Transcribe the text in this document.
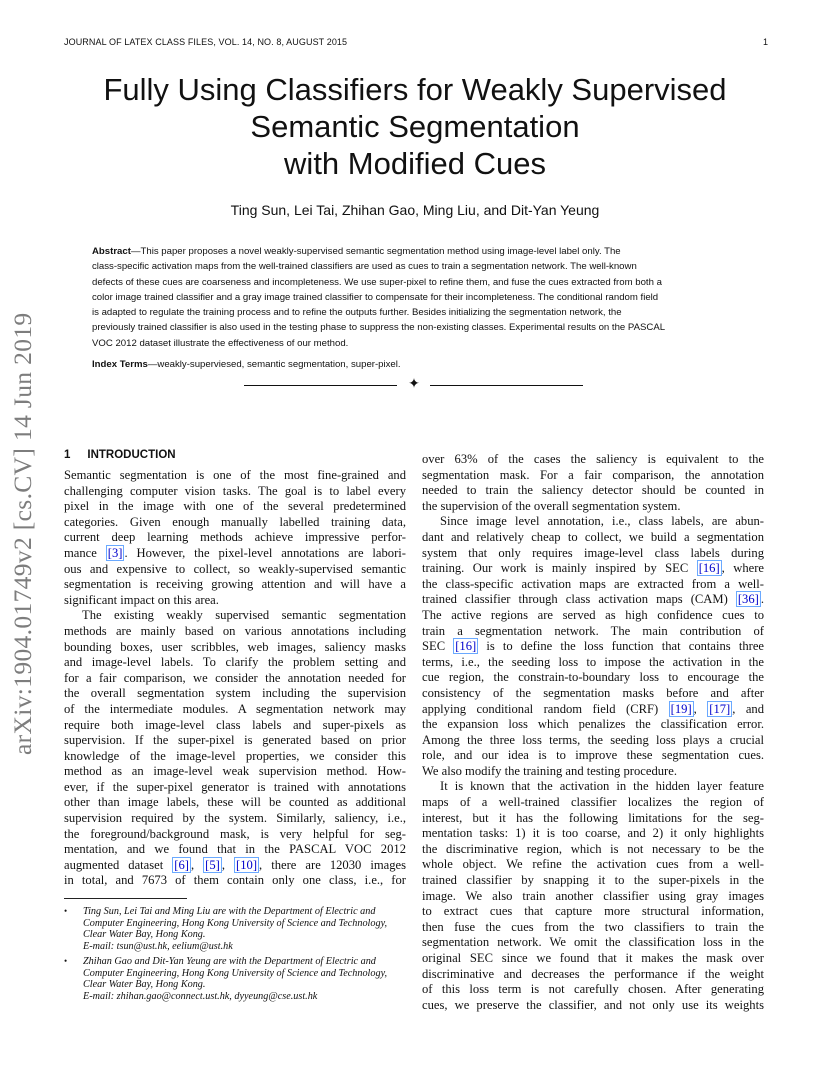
JOURNAL OF LATEX CLASS FILES, VOL. 14, NO. 8, AUGUST 2015	1
arXiv:1904.01749v2 [cs.CV] 14 Jun 2019
Fully Using Classifiers for Weakly Supervised
Semantic Segmentation
with Modified Cues
Ting Sun, Lei Tai, Zhihan Gao, Ming Liu, and Dit-Yan Yeung
Abstract—This paper proposes a novel weakly-supervised semantic segmentation method using image-level label only. The
class-specific activation maps from the well-trained classifiers are used as cues to train a segmentation network. The well-known
defects of these cues are coarseness and incompleteness. We use super-pixel to refine them, and fuse the cues extracted from both a
color image trained classifier and a gray image trained classifier to compensate for their incompleteness. The conditional random field
is adapted to regulate the training process and to refine the outputs further. Besides initializing the segmentation network, the
previously trained classifier is also used in the testing phase to suppress the non-existing classes. Experimental results on the PASCAL
VOC 2012 dataset illustrate the effectiveness of our method.
Index Terms—weakly-superviesed, semantic segmentation, super-pixel.
✦
1 INTRODUCTION
Semantic segmentation is one of the most fine-grained and
challenging computer vision tasks. The goal is to label every
pixel in the image with one of the several predetermined
categories. Given enough manually labelled training data,
current deep learning methods achieve impressive perfor-
mance [3] . However, the pixel-level annotations are labori-
ous and expensive to collect, so weakly-supervised semantic
segmentation is receiving growing attention and will have a
significant impact on this area.
The existing weakly supervised semantic segmentation
methods are mainly based on various annotations including
bounding boxes, user scribbles, web images, saliency masks
and image-level labels. To clarify the problem setting and
for a fair comparison, we consider the annotation needed for
the overall segmentation system including the supervision
of the intermediate modules. A segmentation network may
require both image-level class labels and super-pixels as
supervision. If the super-pixel is generated based on prior
knowledge of the image-level properties, we consider this
method as an image-level weak supervision method. How-
ever, if the super-pixel generator is trained with annotations
other than image labels, these will be counted as additional
supervision required by the system. Similarly, saliency, i.e.,
the foreground/background mask, is very helpful for seg-
mentation, and we found that in the PASCAL VOC 2012
augmented dataset [6] , [5] , [10] , there are 12030 images
in total, and 7673 of them contain only one class, i.e., for
over 63% of the cases the saliency is equivalent to the
segmentation mask. For a fair comparison, the annotation
needed to train the saliency detector should be counted in
the supervision of the overall segmentation system.
Since image level annotation, i.e., class labels, are abun-
dant and relatively cheap to collect, we build a segmentation
system that only requires image-level class labels during
training. Our work is mainly inspired by SEC [16] , where
the class-specific activation maps are extracted from a well-
trained classifier through class activation maps (CAM) [36] .
The active regions are served as high confidence cues to
train a segmentation network. The main contribution of
SEC [16] is to define the loss function that contains three
terms, i.e., the seeding loss to impose the activation in the
cue region, the constrain-to-boundary loss to encourage the
consistency of the segmentation masks before and after
applying conditional random field (CRF) [19] , [17] , and
the expansion loss which penalizes the classification error.
Among the three loss terms, the seeding loss plays a crucial
role, and our idea is to improve these segmentation cues.
We also modify the training and testing procedure.
It is known that the activation in the hidden layer feature
maps of a well-trained classifier localizes the region of
interest, but it has the following limitations for the seg-
mentation tasks: 1) it is too coarse, and 2) it only highlights
the discriminative region, which is not necessary to be the
whole object. We refine the activation cues from a well-
trained classifier by snapping it to the super-pixels in the
image. We also train another classifier using gray images
to extract cues that capture more structural information,
then fuse the cues from the two classifiers to train the
segmentation network. We omit the classification loss in the
original SEC since we found that it makes the mask over
discriminative and decreases the performance if the weight
of this loss term is not carefully chosen. After generating
cues, we preserve the classifier, and not only use its weights
• Ting Sun, Lei Tai and Ming Liu are with the Department of Electric and
Computer Engineering, Hong Kong University of Science and Technology,
Clear Water Bay, Hong Kong.
E-mail: tsun@ust.hk, eelium@ust.hk
• Zhihan Gao and Dit-Yan Yeung are with the Department of Electric and
Computer Engineering, Hong Kong University of Science and Technology,
Clear Water Bay, Hong Kong.
E-mail: zhihan.gao@connect.ust.hk, dyyeung@cse.ust.hk
